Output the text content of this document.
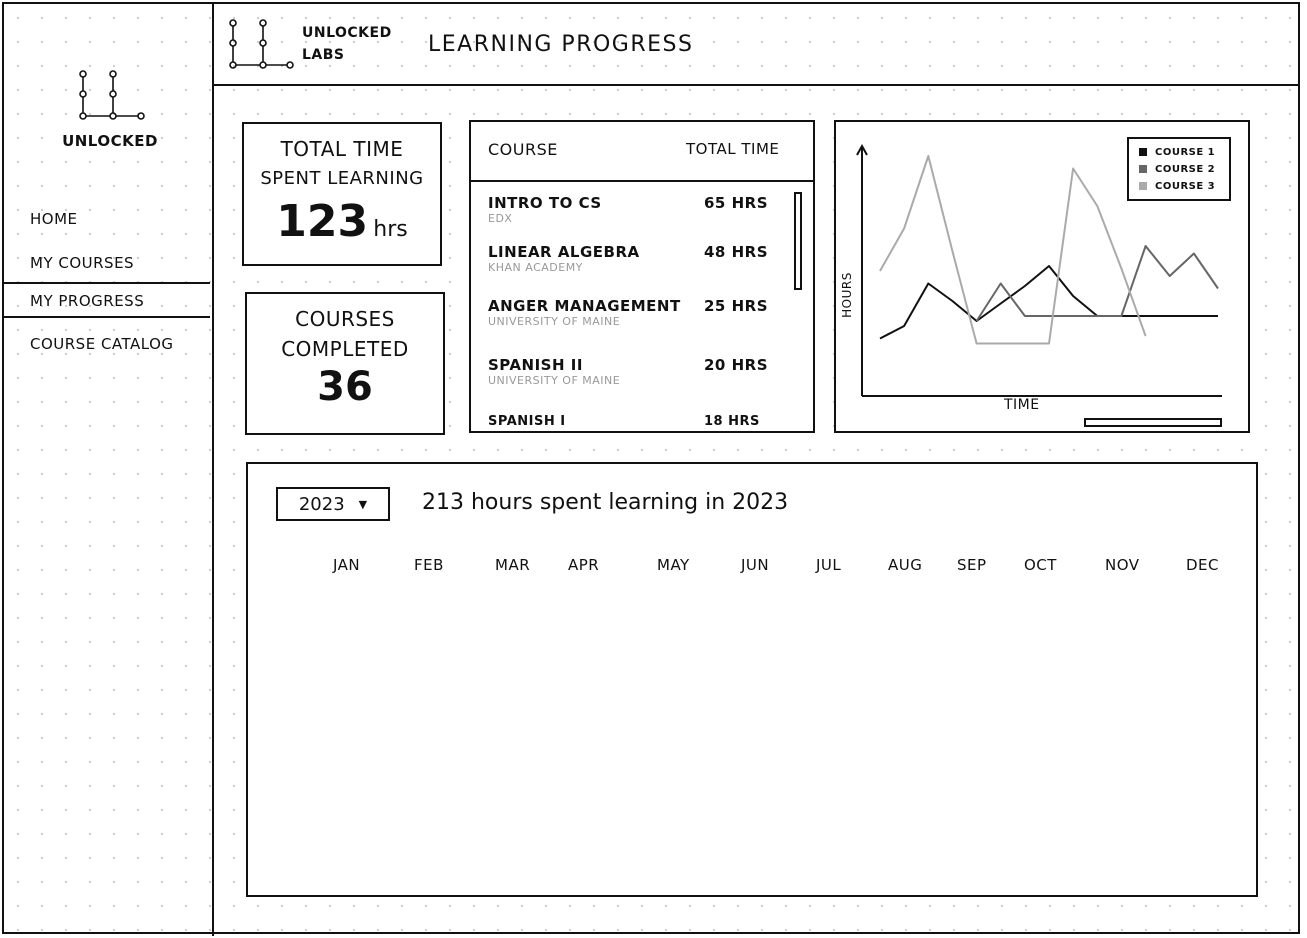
UNLOCKED
HOME
MY COURSES
MY PROGRESS
COURSE CATALOG
UNLOCKED
LABS	LEARNING PROGRESS
TOTAL TIME
SPENT LEARNING
123 hrs
COURSES
COMPLETED
36
COURSE	TOTAL TIME
INTRO TO CS
EDX
65 HRS
LINEAR ALGEBRA
KHAN ACADEMY
48 HRS
ANGER MANAGEMENT
UNIVERSITY OF MAINE
25 HRS
SPANISH II
UNIVERSITY OF MAINE
20 HRS
SPANISH I	18 HRS
COURSE 1
COURSE 2
COURSE 3
TIME
HOURS
2023 ▼ 213 hours spent learning in 2023
JAN	FEB	MAR	APR	MAY	JUN	JUL	AUG SEP OCT	NOV	DEC
